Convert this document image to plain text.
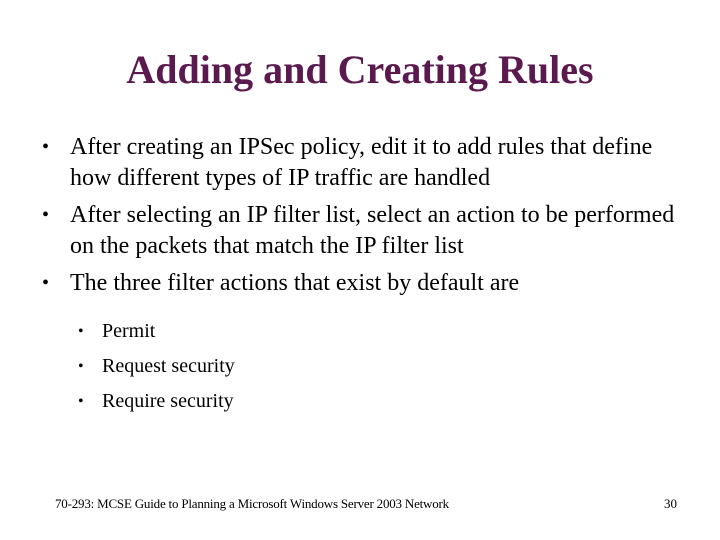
Adding and Creating Rules
• After creating an IPSec policy, edit it to add rules that define how different types of IP traffic are handled
• After selecting an IP filter list, select an action to be performed on the packets that match the IP filter list
• The three filter actions that exist by default are
• Permit
• Request security
• Require security
70-293: MCSE Guide to Planning a Microsoft Windows Server 2003 Network	30
